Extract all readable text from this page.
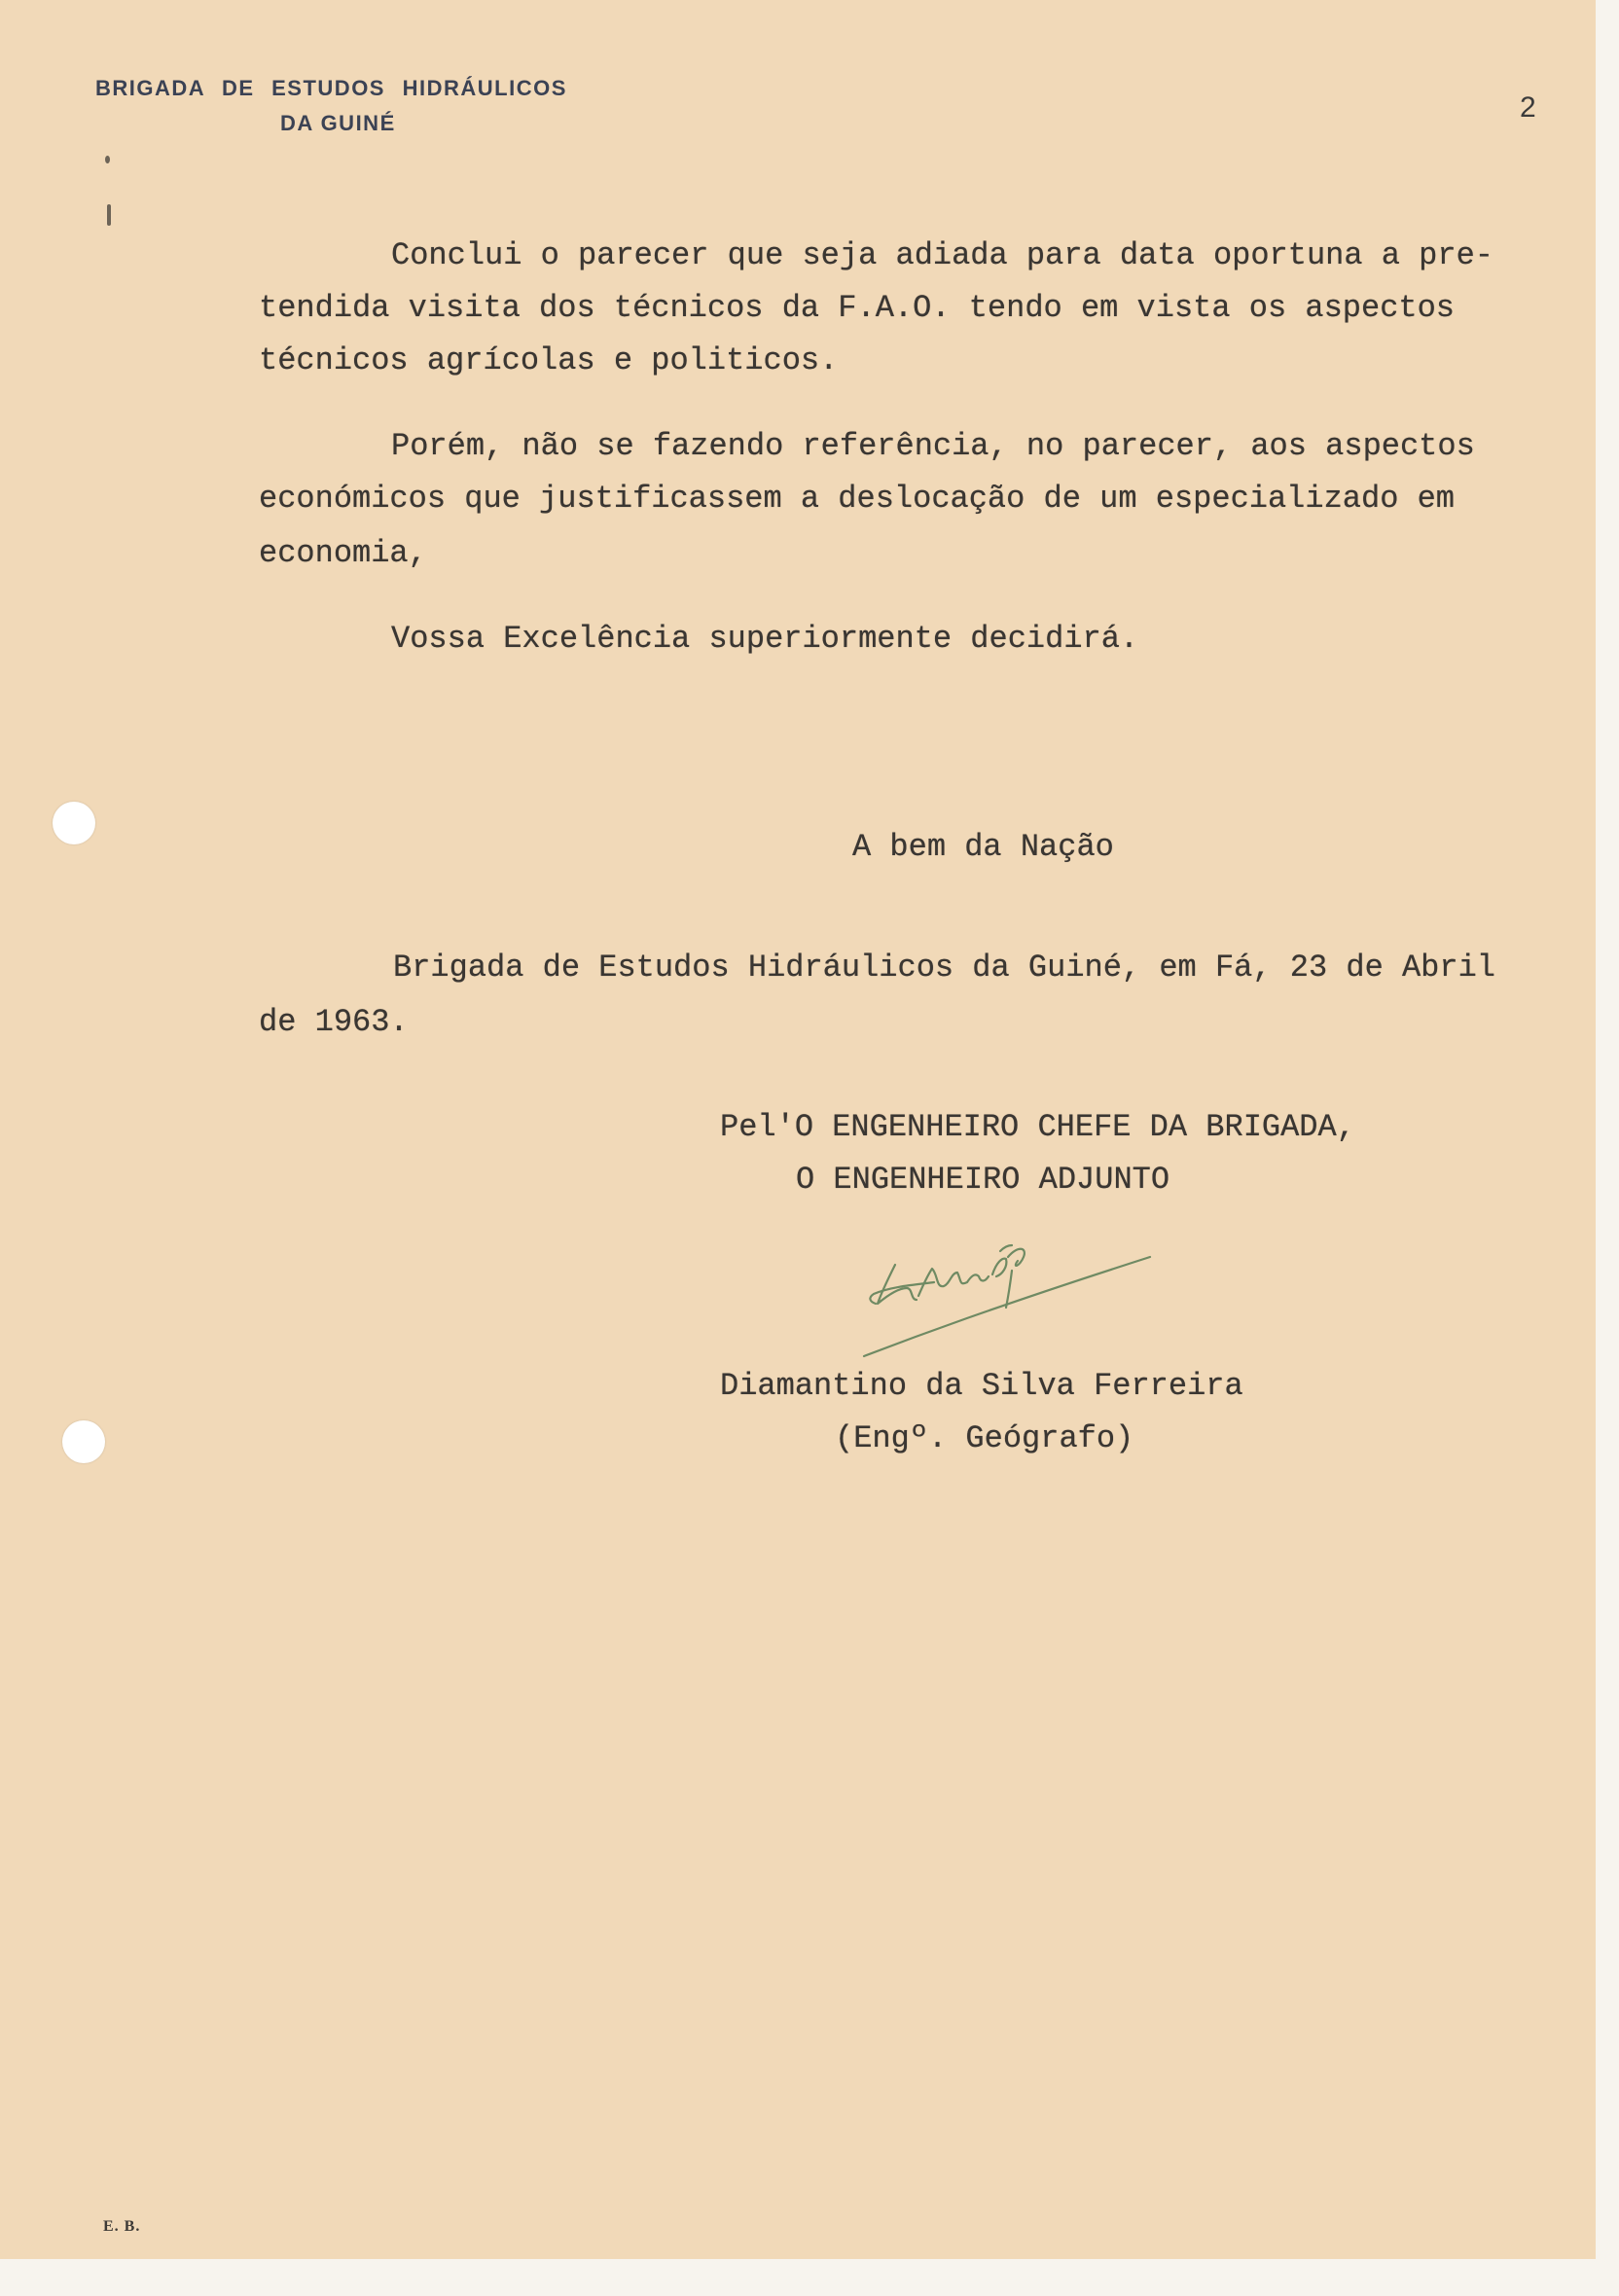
BRIGADA DE ESTUDOS HIDRÁULICOS
DA GUINÉ	2
Conclui o parecer que seja adiada para data oportuna a pre-
tendida visita dos técnicos da F.A.O. tendo em vista os aspectos
técnicos agrícolas e politicos.
Porém, não se fazendo referência, no parecer, aos aspectos
económicos que justificassem a deslocação de um especializado em
economia,
Vossa Excelência superiormente decidirá.
A bem da Nação
Brigada de Estudos Hidráulicos da Guiné, em Fá, 23 de Abril
de 1963.
Pel'O ENGENHEIRO CHEFE DA BRIGADA,
O ENGENHEIRO ADJUNTO
Diamantino da Silva Ferreira
(Engº. Geógrafo)
E. B.
